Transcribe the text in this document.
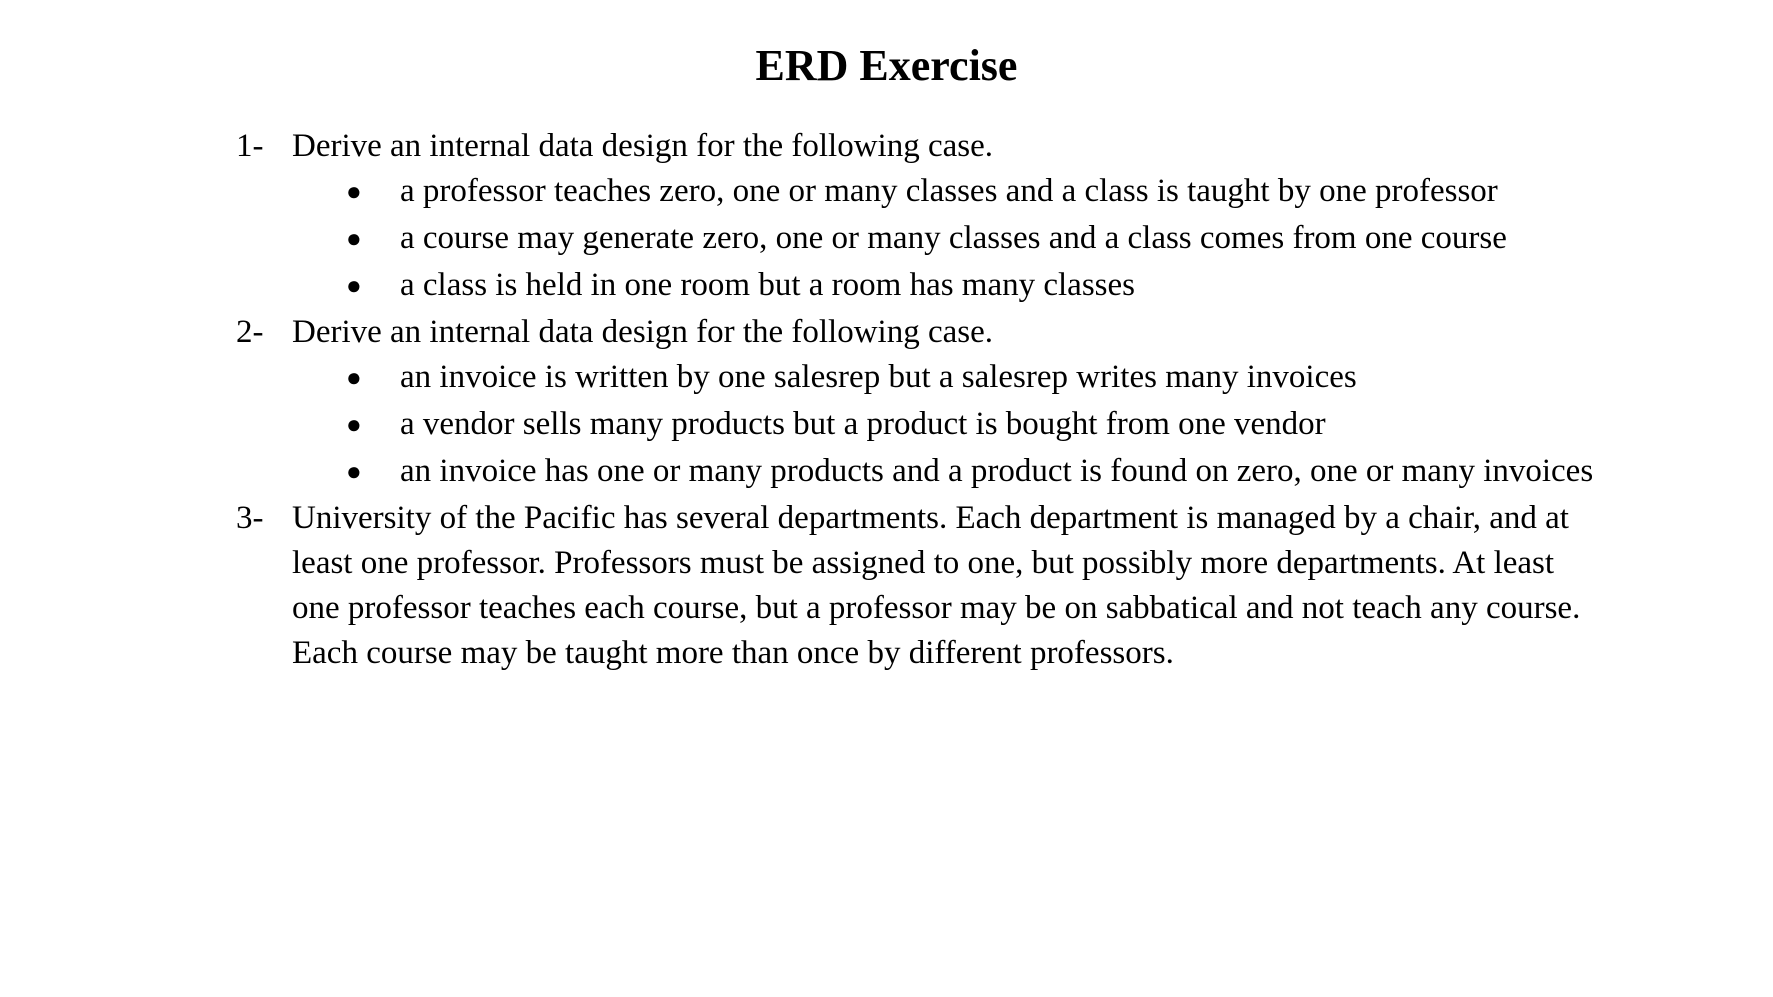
ERD Exercise
1- Derive an internal data design for the following case.
● a professor teaches zero, one or many classes and a class is taught by one professor
● a course may generate zero, one or many classes and a class comes from one course
● a class is held in one room but a room has many classes
2- Derive an internal data design for the following case.
● an invoice is written by one salesrep but a salesrep writes many invoices
● a vendor sells many products but a product is bought from one vendor
● an invoice has one or many products and a product is found on zero, one or many invoices
3- University of the Pacific has several departments. Each department is managed by a chair, and at least one professor. Professors must be assigned to one, but possibly more departments. At least one professor teaches each course, but a professor may be on sabbatical and not teach any course. Each course may be taught more than once by different professors.
